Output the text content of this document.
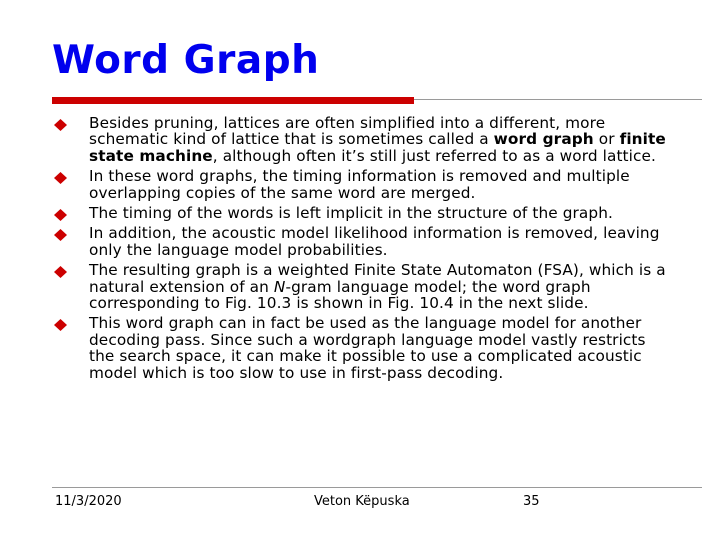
Word Graph
Besides pruning, lattices are often simplified into a different, more schematic kind of lattice that is sometimes called a word graph or finite state machine, although often it’s still just referred to as a word lattice.
In these word graphs, the timing information is removed and multiple overlapping copies of the same word are merged.
The timing of the words is left implicit in the structure of the graph.
In addition, the acoustic model likelihood information is removed, leaving only the language model probabilities.
The resulting graph is a weighted Finite State Automaton (FSA), which is a natural extension of an N-gram language model; the word graph corresponding to Fig. 10.3 is shown in Fig. 10.4 in the next slide.
This word graph can in fact be used as the language model for another decoding pass. Since such a wordgraph language model vastly restricts the search space, it can make it possible to use a complicated acoustic model which is too slow to use in first-pass decoding.
11/3/2020	Veton Këpuska	35
